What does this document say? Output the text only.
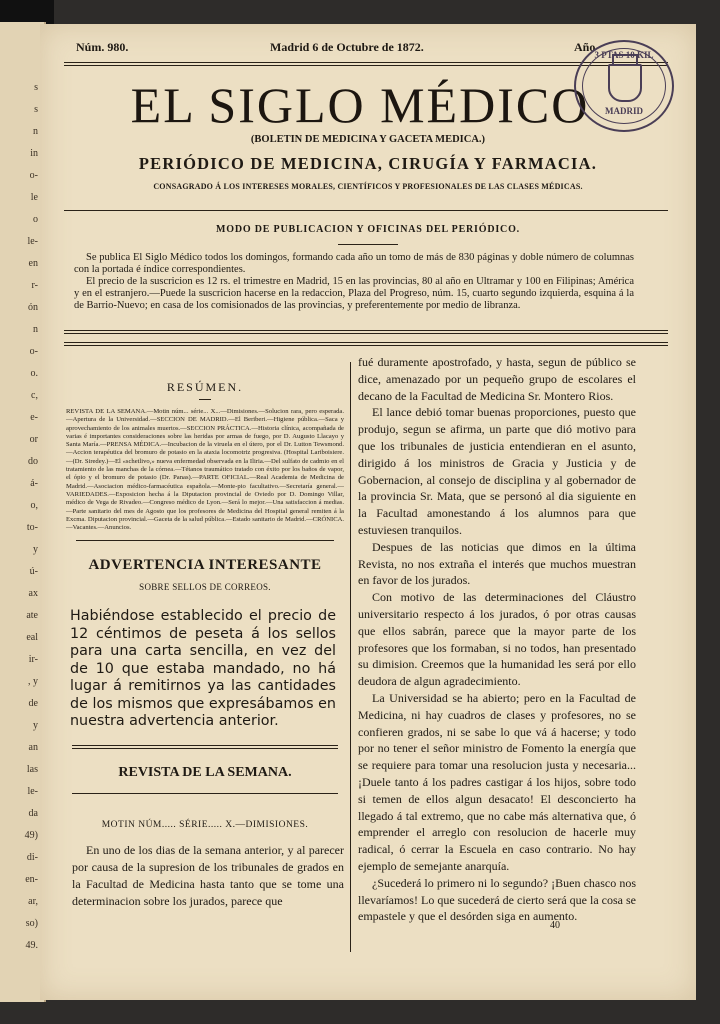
s
s
n
in
o-
le
o
le-
en
r-
ón
n
o-
o.
c,
e-
or
do
á-
o,
to-
y
ú-
ax
ate
eal
ir-
, y
de
y
an
las
le-
da
49)
di-
en-
ar,
so)
49.
Núm. 980.	Madrid 6 de Octubre de 1872.	Año
EL SIGLO MÉDICO
3 PTAS 10 KIL
MADRID
(BOLETIN DE MEDICINA Y GACETA MEDICA.)
PERIÓDICO DE MEDICINA, CIRUGÍA Y FARMACIA.
CONSAGRADO Á LOS INTERESES MORALES, CIENTÍFICOS Y PROFESIONALES DE LAS CLASES MÉDICAS.
MODO DE PUBLICACION Y OFICINAS DEL PERIÓDICO.

Se publica El Siglo Médico todos los domingos, formando cada año un tomo de más de 830 páginas y doble número de columnas con la portada é índice correspondientes.

El precio de la suscricion es 12 rs. el trimestre en Madrid, 15 en las provincias, 80 al año en Ultramar y 100 en Filipinas; América y en el estranjero.—Puede la suscricion hacerse en la redaccion, Plaza del Progreso, núm. 15, cuarto segundo izquierda, esquina á la de Barrio-Nuevo; en casa de los comisionados de las provincias, y preferentemente por medio de libranza.

RESÚMEN.
REVISTA DE LA SEMANA.—Motin núm... série... X...—Dimisiones.—Solucion rara, pero esperada.—Apertura de la Universidad.—SECCION DE MADRID.—El Beriberi.—Higiene pública.—Saca y aprovechamiento de los animales muertos.—SECCION PRÁCTICA.—Historia clínica, acompañada de varias é importantes consideraciones sobre las heridas por armas de fuego, por D. Augusto Llacayo y Santa María.—PRENSA MÉDICA.—Incubacion de la viruela en el útero, por el Dr. Lutton Tewsmond.—Accion terapéutica del bromuro de potasio en la ataxia locomotriz progresiva. (Hospital Lariboisiere.—(Dr. Siredey.)—El «schetlivo,» nueva enfermedad observada en la Iliria.—Del sulfato de cadmio en el tratamiento de las manchas de la córnea.—Tétanos traumático tratado con éxito por los baños de vapor, el ópio y el bromuro de potasio (Dr. Panas).—PARTE OFICIAL.—Real Academia de Medicina de Madrid.—Asociacion médico-farmacéutica española.—Monte-pio facultativo.—Secretaría general.—VARIEDADES.—Exposicion hecha á la Diputacion provincial de Oviedo por D. Domingo Villar, médico de Vega de Rivadeo.—Congreso médico de Lyon.—Será lo mejor.—Una satisfaccion á medias.—Parte sanitario del mes de Agosto que los profesores de Medicina del Hospital general remiten á la Excma. Diputacion provincial.—Gaceta de la salud pública.—Estado sanitario de Madrid.—CRÓNICA.—Vacantes.—Anuncios.
ADVERTENCIA INTERESANTE
SOBRE SELLOS DE CORREOS.
Habiéndose establecido el precio de 12 céntimos de peseta á los sellos para una carta sencilla, en vez del de 10 que estaba mandado, no há lugar á remitirnos ya las cantidades de los mismos que expresábamos en nuestra advertencia anterior.
REVISTA DE LA SEMANA.
MOTIN NÚM..... SÉRIE..... X.—DIMISIONES.

En uno de los dias de la semana anterior, y al parecer por causa de la supresion de los tribunales de grados en la Facultad de Medicina hasta tanto que se tome una determinacion sobre los jurados, parece que

fué duramente apostrofado, y hasta, segun de público se dice, amenazado por un pequeño grupo de escolares el decano de la Facultad de Medicina Sr. Montero Rios.

El lance debió tomar buenas proporciones, puesto que produjo, segun se afirma, un parte que dió motivo para que los tribunales de justicia entendieran en el asunto, dirigido á los ministros de Gracia y Justicia y de Gobernacion, al consejo de disciplina y al gobernador de la provincia Sr. Mata, que se personó al dia siguiente en la Facultad amonestando á los alumnos para que estuviesen tranquilos.

Despues de las noticias que dimos en la última Revista, no nos extraña el interés que muchos muestran en favor de los jurados.

Con motivo de las determinaciones del Cláustro universitario respecto á los jurados, ó por otras causas que ellos sabrán, parece que la mayor parte de los profesores que los formaban, si no todos, han presentado su dimision. Creemos que la humanidad les será por ello deudora de algun agradecimiento.

La Universidad se ha abierto; pero en la Facultad de Medicina, ni hay cuadros de clases y profesores, no se confieren grados, ni se sabe lo que vá á hacerse; y todo por no tener el señor ministro de Fomento la energía que se requiere para tomar una resolucion justa y necesaria... ¡Duele tanto á los padres castigar á los hijos, sobre todo si temen de ellos algun desacato! El desconcierto ha llegado á tal extremo, que no cabe más alternativa que, ó emprender el arreglo con resolucion de hacerle muy radical, ó cerrar la Escuela en caso contrario. No hay ejemplo de semejante anarquía.

¿Sucederá lo primero ni lo segundo? ¡Buen chasco nos llevaríamos! Lo que sucederá de cierto será que la cosa se empastele y que el desórden siga en aumento.

40
